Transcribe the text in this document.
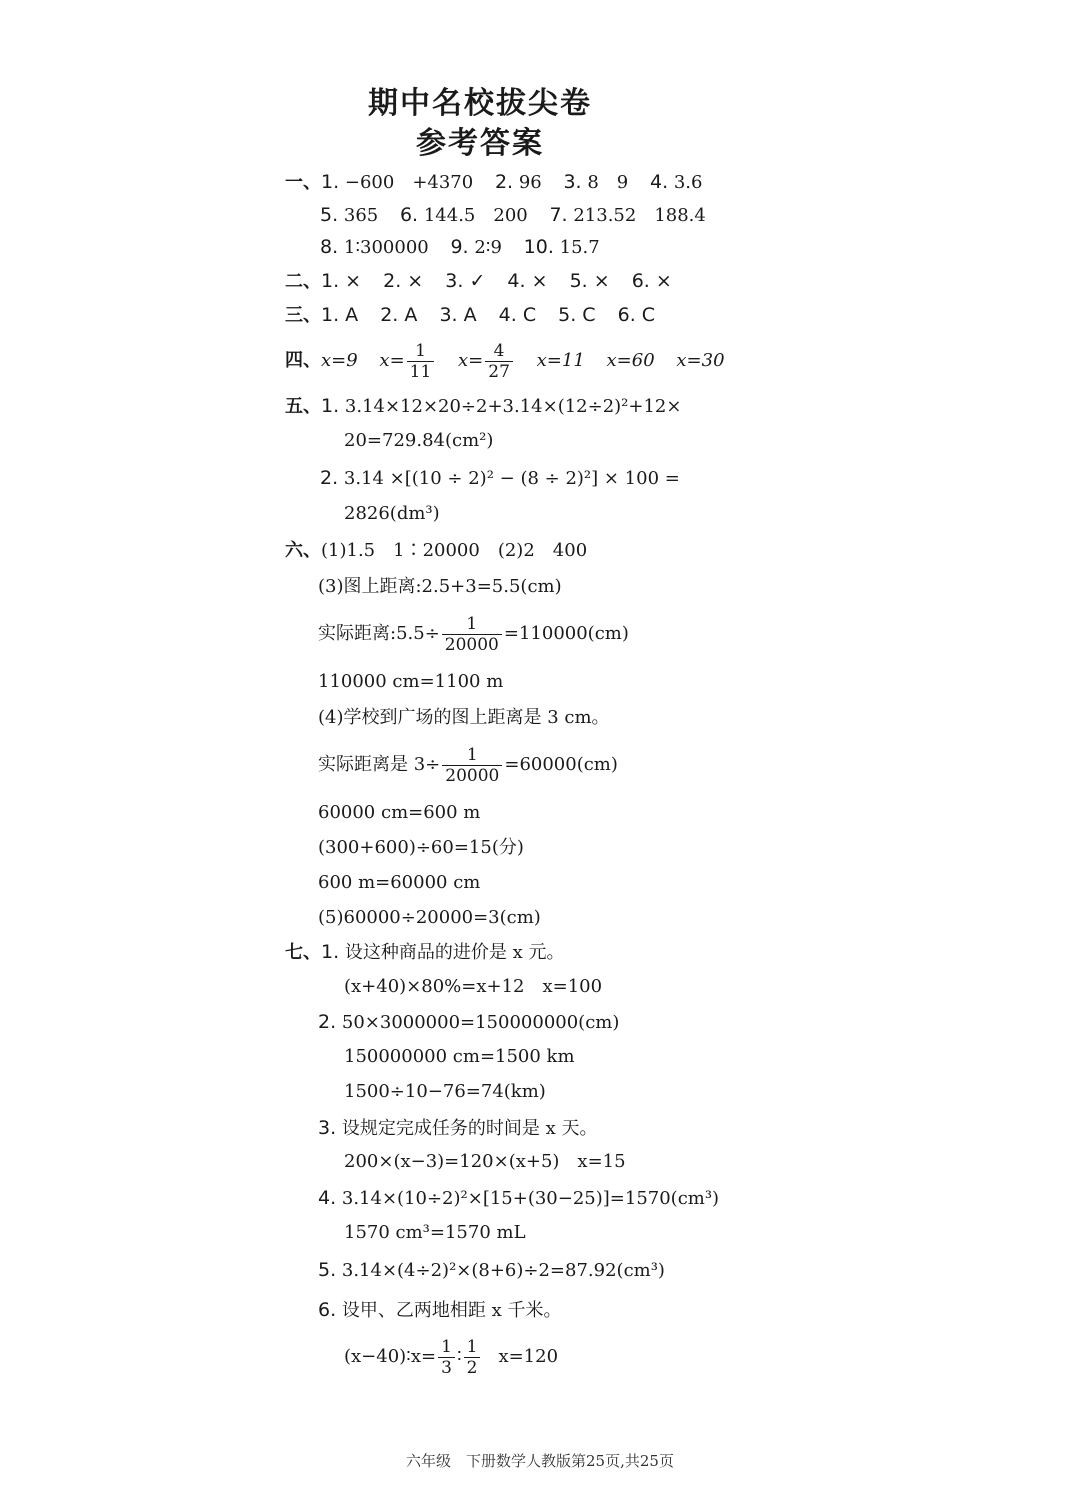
期中名校拔尖卷
参考答案
一、1. −600　+4370 2. 96 3. 8　9 4. 3.6
5. 365 6. 144.5　200 7. 213.52　188.4
8. 1∶300000 9. 2∶9 10. 15.7
二、1. × 2. × 3. ✓ 4. × 5. × 6. ×
三、1. A 2. A 3. A 4. C 5. C 6. C
四、x=9 $x= \frac{1}{11} x= \frac{4}{27} x=11$ x=60 x=30
五、1. 3.14×12×20÷2+3.14×(12÷2)²+12×
20=729.84(cm²)
2. 3.14 ×[(10 ÷ 2)² − (8 ÷ 2)²] × 100 =
2826(dm³)
六、(1)1.5　1∶20000　(2)2　400
(3)图上距离:2.5+3=5.5(cm)
实际距离:5.5÷ $\frac{1}{20000} =110000(cm)$
110000 cm=1100 m
(4)学校到广场的图上距离是 3 cm。
实际距离是 $3\div \frac{1}{20000} =60000(cm)$
60000 cm=600 m
(300+600)÷60=15(分)
600 m=60000 cm
(5)60000÷20000=3(cm)
七、1. 设这种商品的进价是 x 元。
(x+40)×80%=x+12　x=100
2. 50×3000000=150000000(cm)
150000000 cm=1500 km
1500÷10−76=74(km)
3. 设规定完成任务的时间是 x 天。
200×(x−3)=120×(x+5)　x=15
4. 3.14×(10÷2)²×[15+(30−25)]=1570(cm³)
1570 cm³=1570 mL
5. 3.14×(4÷2)²×(8+6)÷2=87.92(cm³)
6. 设甲、乙两地相距 x 千米。
(x−40)∶x= $\frac{1}{3}$ ∶ $\frac{1}{2} x=120$
六年级　下册数学人教版第25页,共25页
